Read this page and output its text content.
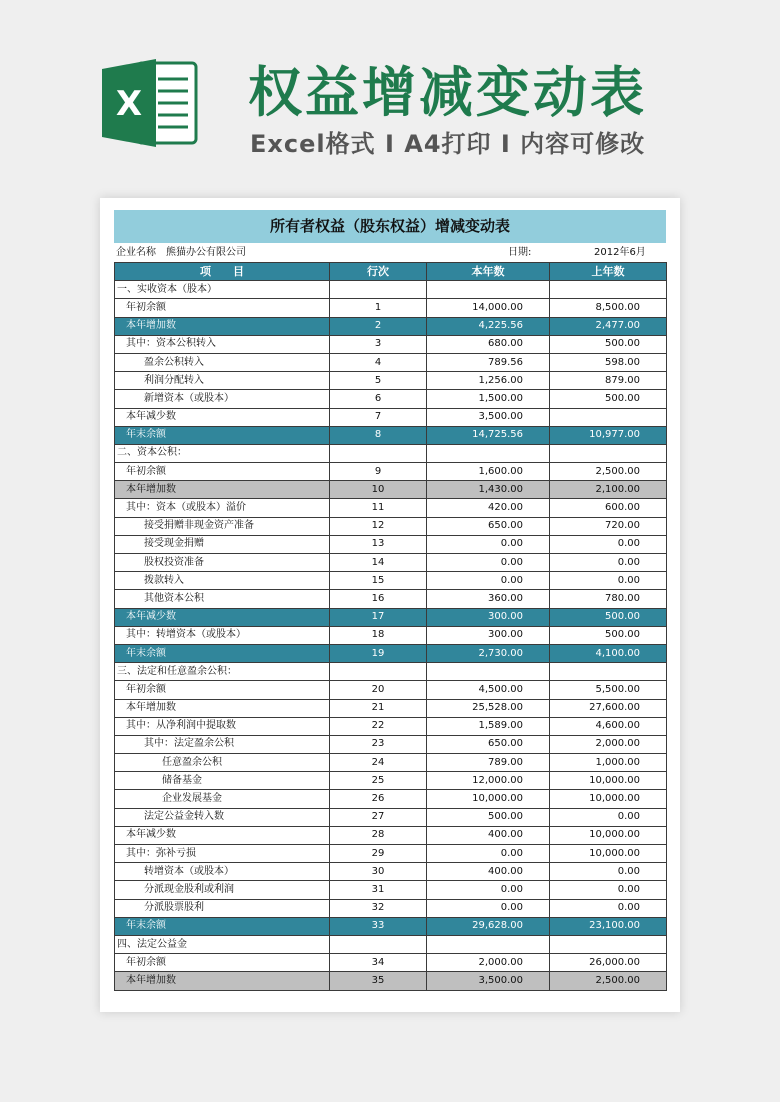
X 权益增减变动表
Excel格式 Ⅰ A4打印 Ⅰ 内容可修改
所有者权益（股东权益）增减变动表
企业名称 熊猫办公有限公司	日期:	2012年6月
项　　目	行次	本年数	上年数
一、实收资本（股本）			
年初余额	1	14,000.00	8,500.00
本年增加数	2	4,225.56	2,477.00
其中：资本公积转入	3	680.00	500.00
盈余公积转入	4	789.56	598.00
利润分配转入	5	1,256.00	879.00
新增资本（或股本）	6	1,500.00	500.00
本年减少数	7	3,500.00	
年末余额	8	14,725.56	10,977.00
二、资本公积：			
年初余额	9	1,600.00	2,500.00
本年增加数	10	1,430.00	2,100.00
其中：资本（或股本）溢价	11	420.00	600.00
接受捐赠非现金资产准备	12	650.00	720.00
接受现金捐赠	13	0.00	0.00
股权投资准备	14	0.00	0.00
拨款转入	15	0.00	0.00
其他资本公积	16	360.00	780.00
本年减少数	17	300.00	500.00
其中：转增资本（或股本）	18	300.00	500.00
年末余额	19	2,730.00	4,100.00
三、法定和任意盈余公积：			
年初余额	20	4,500.00	5,500.00
本年增加数	21	25,528.00	27,600.00
其中：从净利润中提取数	22	1,589.00	4,600.00
其中：法定盈余公积	23	650.00	2,000.00
任意盈余公积	24	789.00	1,000.00
储备基金	25	12,000.00	10,000.00
企业发展基金	26	10,000.00	10,000.00
法定公益金转入数	27	500.00	0.00
本年减少数	28	400.00	10,000.00
其中：弥补亏损	29	0.00	10,000.00
转增资本（或股本）	30	400.00	0.00
分派现金股利或利润	31	0.00	0.00
分派股票股利	32	0.00	0.00
年末余额	33	29,628.00	23,100.00
四、法定公益金			
年初余额	34	2,000.00	26,000.00
本年增加数	35	3,500.00	2,500.00
